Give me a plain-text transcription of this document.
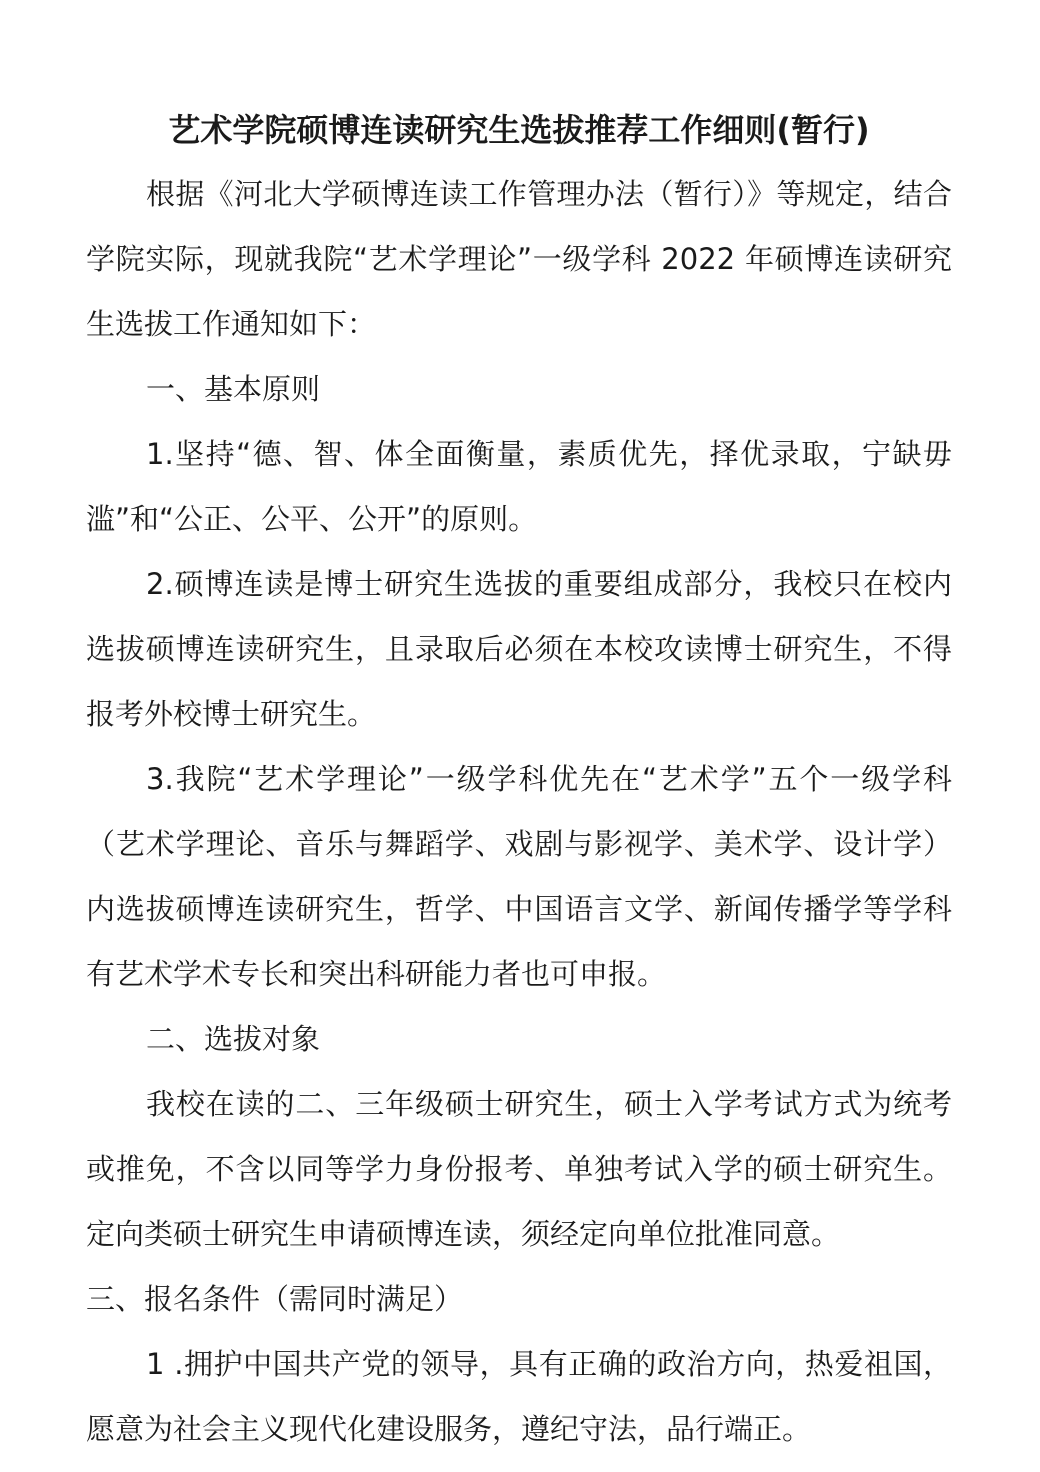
艺术学院硕博连读研究生选拔推荐工作细则(暂行)

根据《河北大学硕博连读工作管理办法（暂行）》等规定，结合学院实际，现就我院“艺术学理论”一级学科 2022 年硕博连读研究生选拔工作通知如下：

一、基本原则

1.坚持“德、智、体全面衡量，素质优先，择优录取，宁缺毋滥”和“公正、公平、公开”的原则。

2.硕博连读是博士研究生选拔的重要组成部分，我校只在校内选拔硕博连读研究生，且录取后必须在本校攻读博士研究生，不得报考外校博士研究生。

3.我院“艺术学理论”一级学科优先在“艺术学”五个一级学科（艺术学理论、音乐与舞蹈学、戏剧与影视学、美术学、设计学）内选拔硕博连读研究生，哲学、中国语言文学、新闻传播学等学科有艺术学术专长和突出科研能力者也可申报。

二、选拔对象

我校在读的二、三年级硕士研究生，硕士入学考试方式为统考或推免，不含以同等学力身份报考、单独考试入学的硕士研究生。定向类硕士研究生申请硕博连读，须经定向单位批准同意。

三、报名条件（需同时满足）

1 .拥护中国共产党的领导，具有正确的政治方向，热爱祖国，愿意为社会主义现代化建设服务，遵纪守法，品行端正。
